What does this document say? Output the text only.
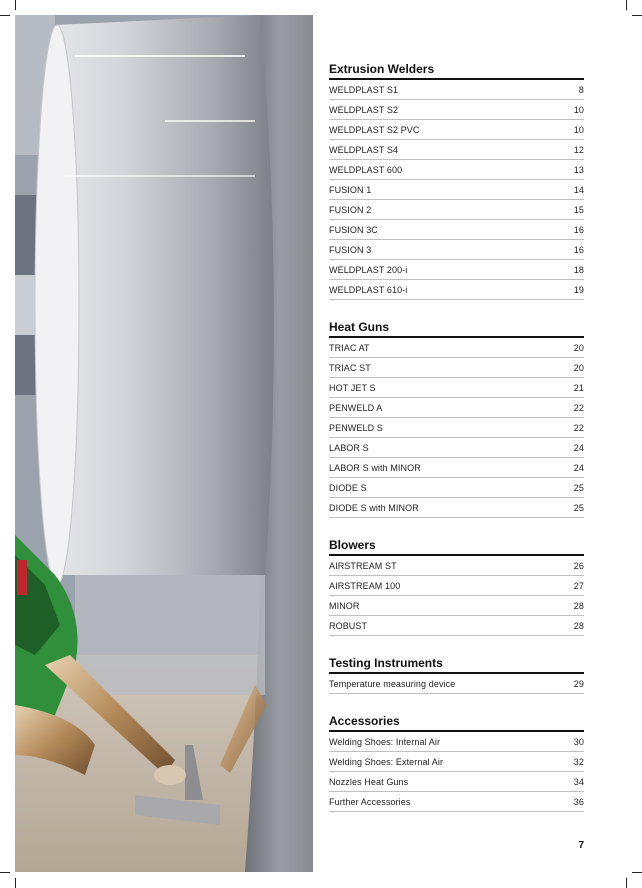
Extrusion Welders
WELDPLAST S1	8
WELDPLAST S2	10
WELDPLAST S2 PVC	10
WELDPLAST S4	12
WELDPLAST 600	13
FUSION 1	14
FUSION 2	15
FUSION 3C	16
FUSION 3	16
WELDPLAST 200-i	18
WELDPLAST 610-i	19
Heat Guns
TRIAC AT	20
TRIAC ST	20
HOT JET S	21
PENWELD A	22
PENWELD S	22
LABOR S	24
LABOR S with MINOR	24
DIODE S	25
DIODE S with MINOR	25
Blowers
AIRSTREAM ST	26
AIRSTREAM 100	27
MINOR	28
ROBUST	28
Testing Instruments
Temperature measuring device	29
Accessories
Welding Shoes: Internal Air	30
Welding Shoes: External Air	32
Nozzles Heat Guns	34
Further Accessories	36
7
